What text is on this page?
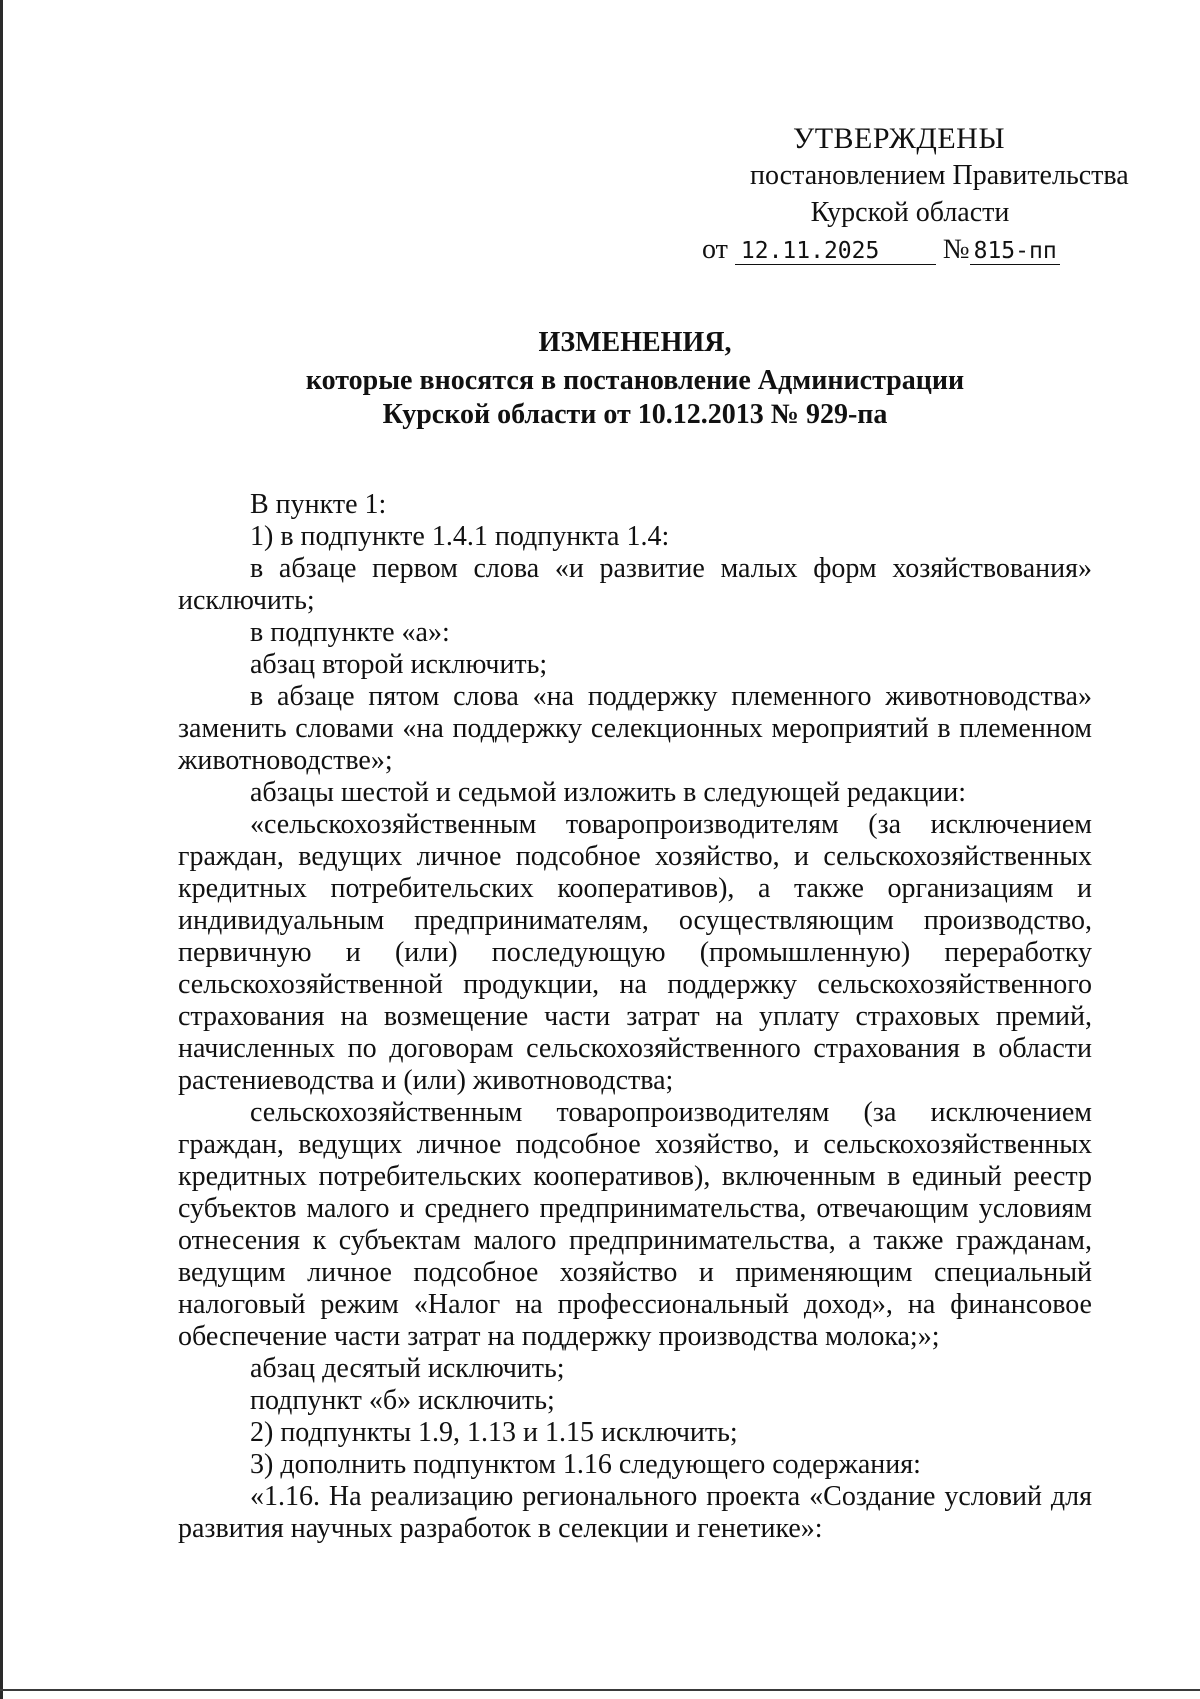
УТВЕРЖДЕНЫ
постановлением Правительства
Курской области
от 12.11.2025 № 815-пп
ИЗМЕНЕНИЯ,
которые вносятся в постановление Администрации
Курской области от 10.12.2013 № 929-па

В пункте 1:

1) в подпункте 1.4.1 подпункта 1.4:

в абзаце первом слова «и развитие малых форм хозяйствования» исключить;

в подпункте «а»:

абзац второй исключить;

в абзаце пятом слова «на поддержку племенного животноводства» заменить словами «на поддержку селекционных мероприятий в племенном животноводстве»;

абзацы шестой и седьмой изложить в следующей редакции:

«сельскохозяйственным товаропроизводителям (за исключением граждан, ведущих личное подсобное хозяйство, и сельскохозяйственных кредитных потребительских кооперативов), а также организациям и индивидуальным предпринимателям, осуществляющим производство, первичную и (или) последующую (промышленную) переработку сельскохозяйственной продукции, на поддержку сельскохозяйственного страхования на возмещение части затрат на уплату страховых премий, начисленных по договорам сельскохозяйственного страхования в области растениеводства и (или) животноводства;

сельскохозяйственным товаропроизводителям (за исключением граждан, ведущих личное подсобное хозяйство, и сельскохозяйственных кредитных потребительских кооперативов), включенным в единый реестр субъектов малого и среднего предпринимательства, отвечающим условиям отнесения к субъектам малого предпринимательства, а также гражданам, ведущим личное подсобное хозяйство и применяющим специальный налоговый режим «Налог на профессиональный доход», на финансовое обеспечение части затрат на поддержку производства молока;»;

абзац десятый исключить;

подпункт «б» исключить;

2) подпункты 1.9, 1.13 и 1.15 исключить;

3) дополнить подпунктом 1.16 следующего содержания:

«1.16. На реализацию регионального проекта «Создание условий для развития научных разработок в селекции и генетике»:
